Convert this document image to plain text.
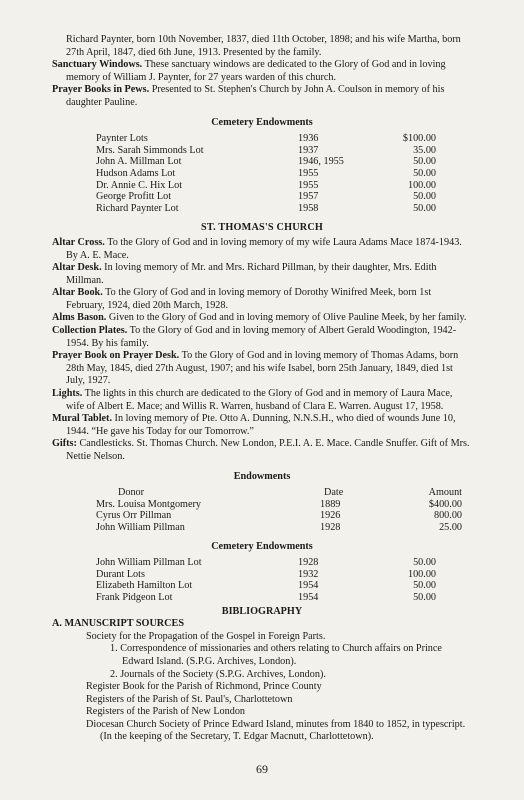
Richard Paynter, born 10th November, 1837, died 11th October, 1898; and his wife Martha, born 27th April, 1847, died 6th June, 1913. Presented by the family.

Sanctuary Windows. These sanctuary windows are dedicated to the Glory of God and in loving memory of William J. Paynter, for 27 years warden of this church.

Prayer Books in Pews. Presented to St. Stephen's Church by John A. Coulson in memory of his daughter Pauline.

Cemetery Endowments
Paynter Lots	1936	$100.00
Mrs. Sarah Simmonds Lot	1937	35.00
John A. Millman Lot	1946, 1955	50.00
Hudson Adams Lot	1955	50.00
Dr. Annie C. Hix Lot	1955	100.00
George Profitt Lot	1957	50.00
Richard Paynter Lot	1958	50.00
ST. THOMAS'S CHURCH

Altar Cross. To the Glory of God and in loving memory of my wife Laura Adams Mace 1874-1943. By A. E. Mace.

Altar Desk. In loving memory of Mr. and Mrs. Richard Pillman, by their daughter, Mrs. Edith Millman.

Altar Book. To the Glory of God and in loving memory of Dorothy Winifred Meek, born 1st February, 1924, died 20th March, 1928.

Alms Bason. Given to the Glory of God and in loving memory of Olive Pauline Meek, by her family.

Collection Plates. To the Glory of God and in loving memory of Albert Gerald Woodington, 1942-1954. By his family.

Prayer Book on Prayer Desk. To the Glory of God and in loving memory of Thomas Adams, born 28th May, 1845, died 27th August, 1907; and his wife Isabel, born 25th January, 1849, died 1st July, 1927.

Lights. The lights in this church are dedicated to the Glory of God and in memory of Laura Mace, wife of Albert E. Mace; and Willis R. Warren, husband of Clara E. Warren. August 17, 1958.

Mural Tablet. In loving memory of Pte. Otto A. Dunning, N.N.S.H., who died of wounds June 10, 1944. “He gave his Today for our Tomorrow.”

Gifts: Candlesticks. St. Thomas Church. New London, P.E.I. A. E. Mace. Candle Snuffer. Gift of Mrs. Nettie Nelson.

Endowments
Donor	Date	Amount
Mrs. Louisa Montgomery	1889	$400.00
Cyrus Orr Pillman	1926	800.00
John William Pillman	1928	25.00
Cemetery Endowments
John William Pillman Lot	1928	50.00
Durant Lots	1932	100.00
Elizabeth Hamilton Lot	1954	50.00
Frank Pidgeon Lot	1954	50.00
BIBLIOGRAPHY

A. MANUSCRIPT SOURCES

Society for the Propagation of the Gospel in Foreign Parts.

1. Correspondence of missionaries and others relating to Church affairs on Prince Edward Island. (S.P.G. Archives, London).

2. Journals of the Society (S.P.G. Archives, London).

Register Book for the Parish of Richmond, Prince County

Registers of the Parish of St. Paul's, Charlottetown

Registers of the Parish of New London

Diocesan Church Society of Prince Edward Island, minutes from 1840 to 1852, in typescript. (In the keeping of the Secretary, T. Edgar Macnutt, Charlottetown).

69
